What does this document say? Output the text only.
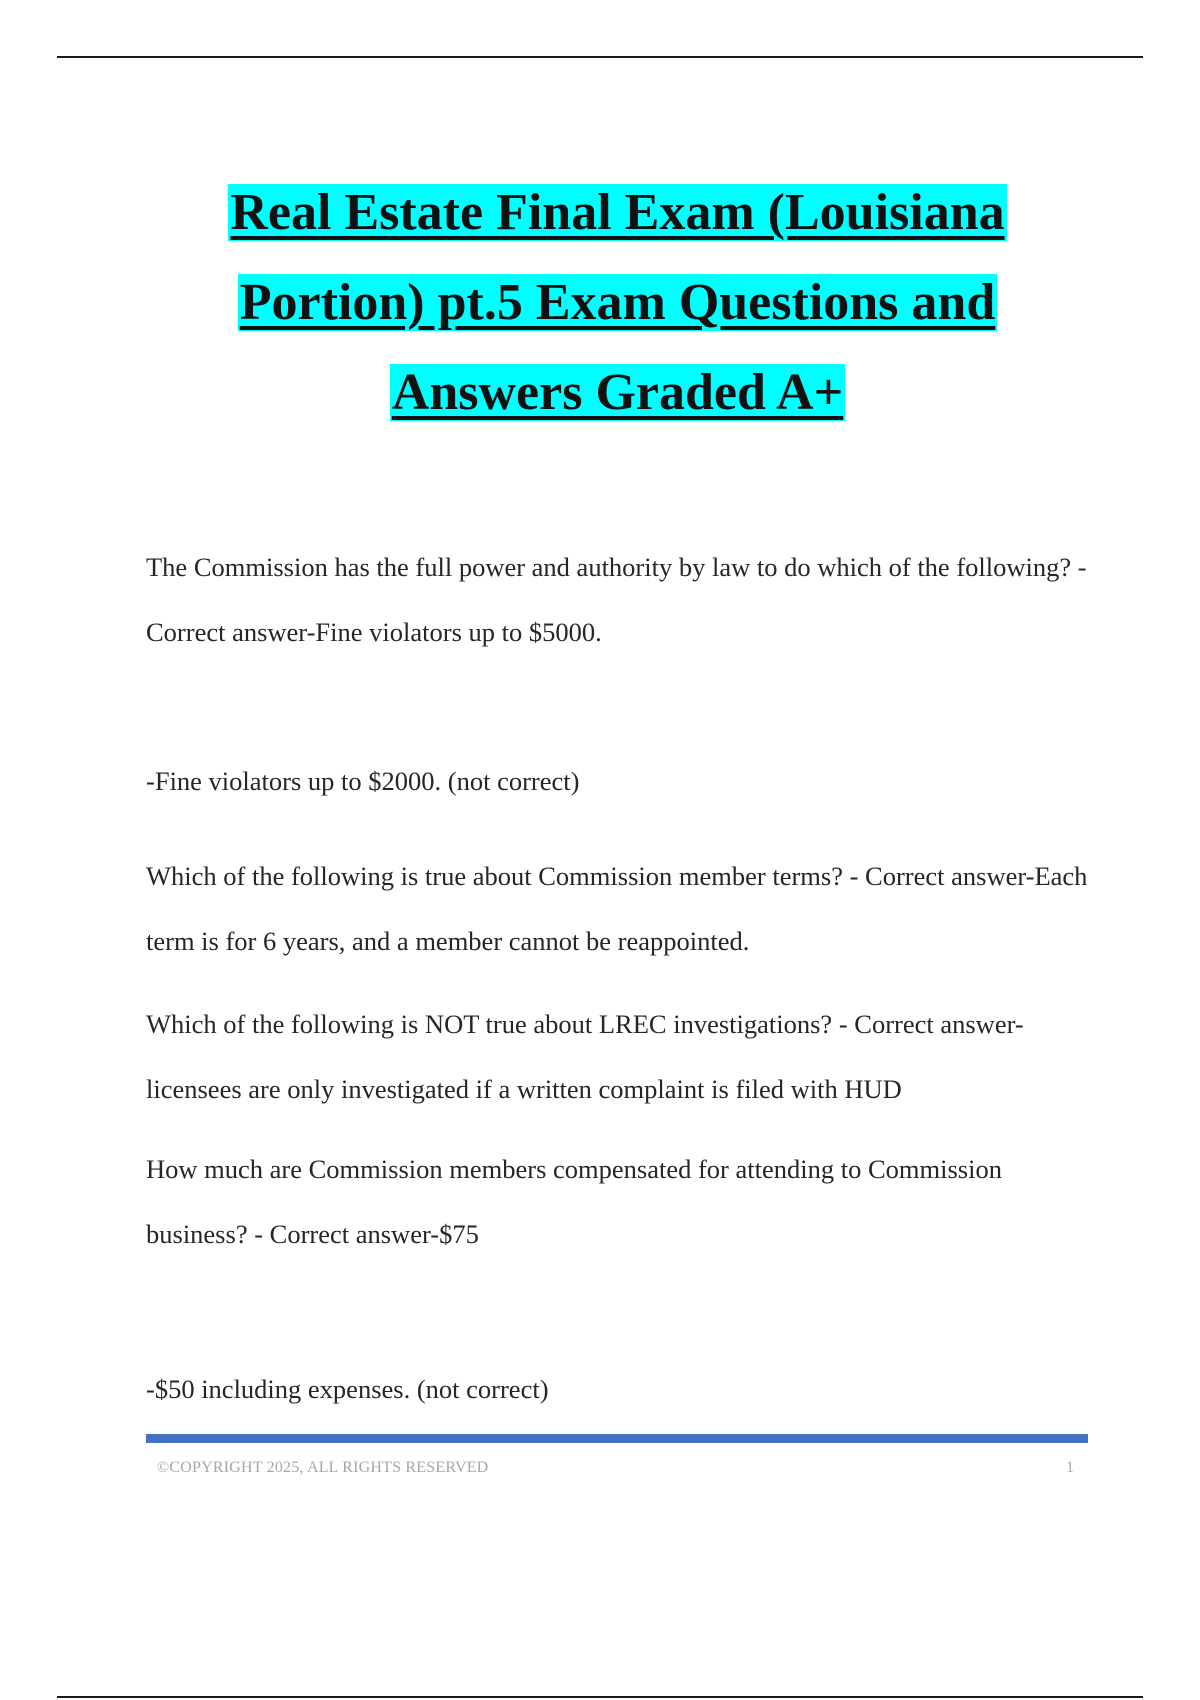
Real Estate Final Exam (Louisiana
Portion) pt.5 Exam Questions and
Answers Graded A+

The Commission has the full power and authority by law to do which of the following? - Correct answer-Fine violators up to $5000.

-Fine violators up to $2000. (not correct)

Which of the following is true about Commission member terms? - Correct answer-Each term is for 6 years, and a member cannot be reappointed.

Which of the following is NOT true about LREC investigations? - Correct answer-licensees are only investigated if a written complaint is filed with HUD

How much are Commission members compensated for attending to Commission business? - Correct answer-$75

-$50 including expenses. (not correct)

©COPYRIGHT 2025, ALL RIGHTS RESERVED	1
